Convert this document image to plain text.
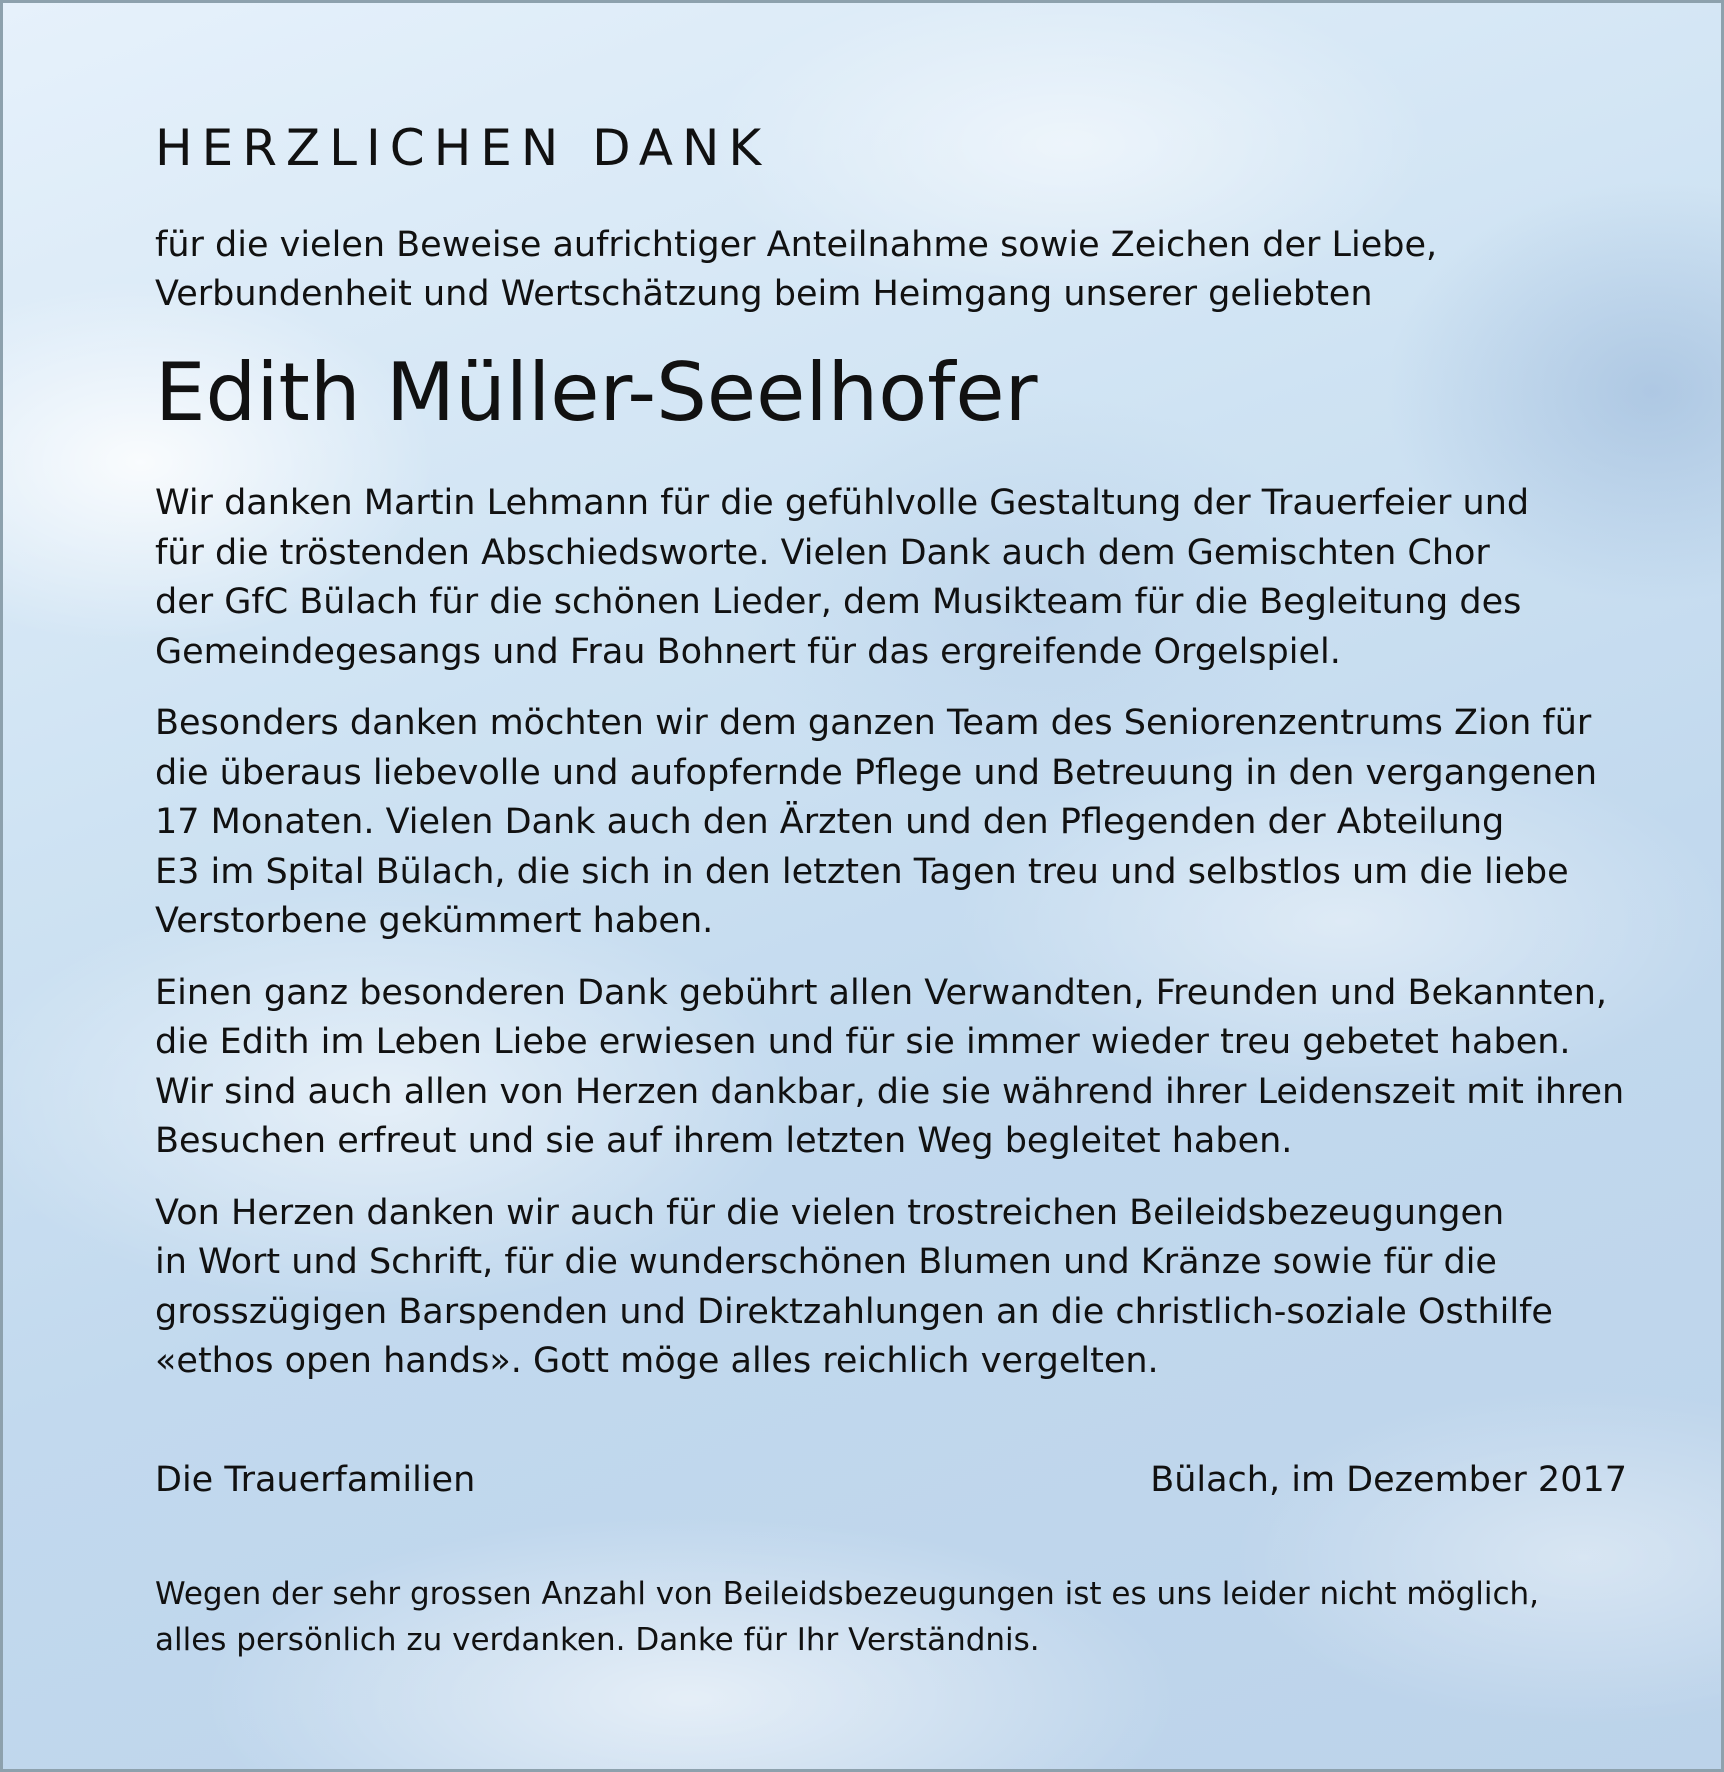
HERZLICHEN DANK

für die vielen Beweise aufrichtiger Anteilnahme sowie Zeichen der Liebe,
Verbundenheit und Wertschätzung beim Heimgang unserer geliebten

Edith Müller-Seelhofer

Wir danken Martin Lehmann für die gefühlvolle Gestaltung der Trauerfeier und
für die tröstenden Abschiedsworte. Vielen Dank auch dem Gemischten Chor
der GfC Bülach für die schönen Lieder, dem Musikteam für die Begleitung des
Gemeindegesangs und Frau Bohnert für das ergreifende Orgelspiel.

Besonders danken möchten wir dem ganzen Team des Seniorenzentrums Zion für
die überaus liebevolle und aufopfernde Pflege und Betreuung in den vergangenen
17 Monaten. Vielen Dank auch den Ärzten und den Pflegenden der Abteilung
E3 im Spital Bülach, die sich in den letzten Tagen treu und selbstlos um die liebe
Verstorbene gekümmert haben.

Einen ganz besonderen Dank gebührt allen Verwandten, Freunden und Bekannten,
die Edith im Leben Liebe erwiesen und für sie immer wieder treu gebetet haben.
Wir sind auch allen von Herzen dankbar, die sie während ihrer Leidenszeit mit ihren
Besuchen erfreut und sie auf ihrem letzten Weg begleitet haben.

Von Herzen danken wir auch für die vielen trostreichen Beileidsbezeugungen
in Wort und Schrift, für die wunderschönen Blumen und Kränze sowie für die
grosszügigen Barspenden und Direktzahlungen an die christlich-soziale Osthilfe
«ethos open hands». Gott möge alles reichlich vergelten.

Die Trauerfamilien	Bülach, im Dezember 2017

Wegen der sehr grossen Anzahl von Beileidsbezeugungen ist es uns leider nicht möglich,
alles persönlich zu verdanken. Danke für Ihr Verständnis.
